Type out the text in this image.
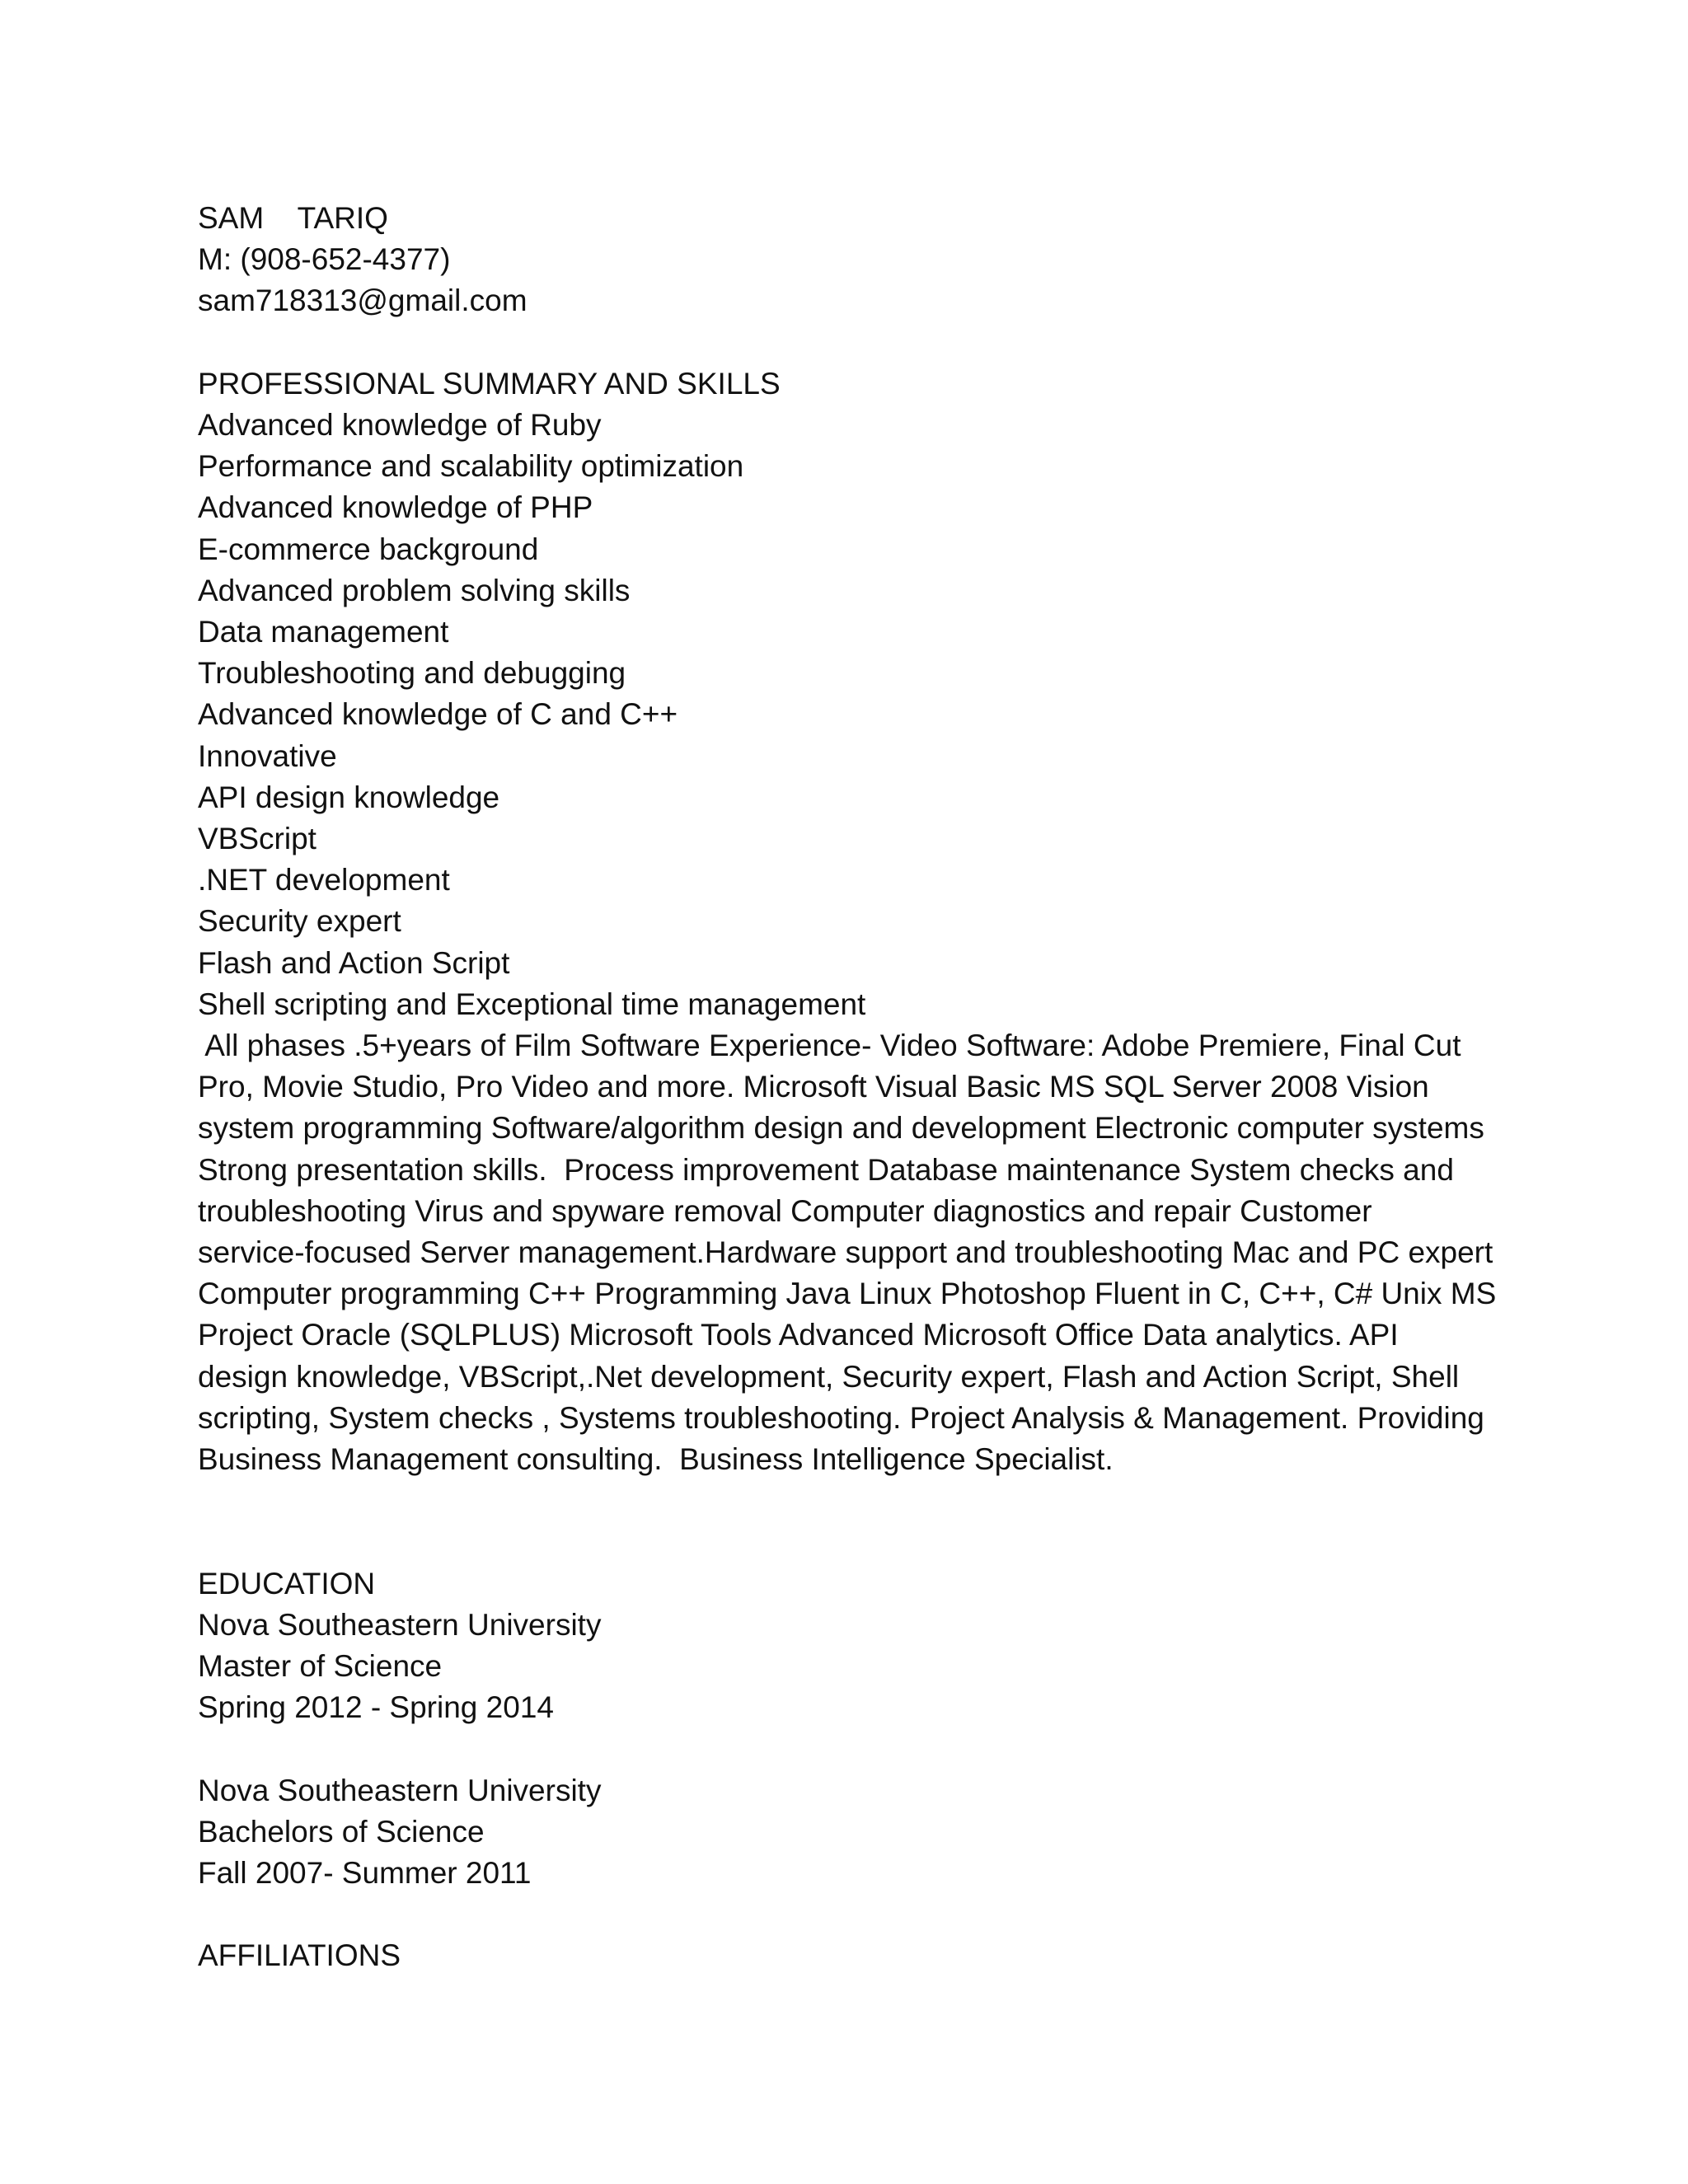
SAM    TARIQ
M: (908-652-4377)
sam718313@gmail.com
PROFESSIONAL SUMMARY AND SKILLS
Advanced knowledge of Ruby
Performance and scalability optimization
Advanced knowledge of PHP
E-commerce background
Advanced problem solving skills
Data management
Troubleshooting and debugging
Advanced knowledge of C and C++
Innovative
API design knowledge
VBScript
.NET development
Security expert
Flash and Action Script
Shell scripting and Exceptional time management
All phases .5+years of Film Software Experience- Video Software: Adobe Premiere, Final Cut
Pro, Movie Studio, Pro Video and more. Microsoft Visual Basic MS SQL Server 2008 Vision
system programming Software/algorithm design and development Electronic computer systems
Strong presentation skills.  Process improvement Database maintenance System checks and
troubleshooting Virus and spyware removal Computer diagnostics and repair Customer
service-focused Server management.Hardware support and troubleshooting Mac and PC expert
Computer programming C++ Programming Java Linux Photoshop Fluent in C, C++, C# Unix MS
Project Oracle (SQLPLUS) Microsoft Tools Advanced Microsoft Office Data analytics. API
design knowledge, VBScript,.Net development, Security expert, Flash and Action Script, Shell
scripting, System checks , Systems troubleshooting. Project Analysis & Management. Providing
Business Management consulting.  Business Intelligence Specialist.
EDUCATION
Nova Southeastern University
Master of Science
Spring 2012 - Spring 2014
Nova Southeastern University
Bachelors of Science
Fall 2007- Summer 2011
AFFILIATIONS
